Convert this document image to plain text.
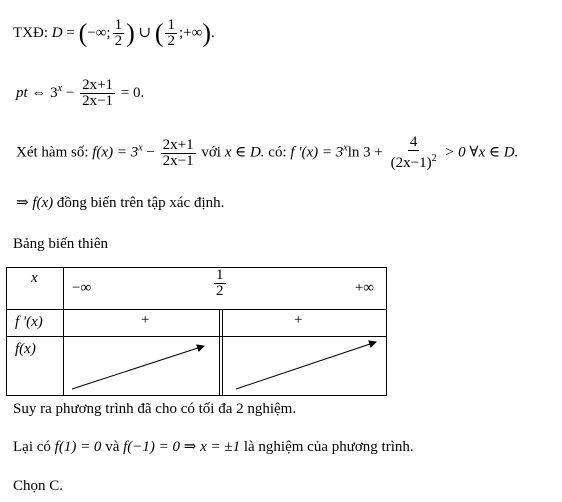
TXĐ: D = (−∞; $\frac{1}{2}$ ) ∪ ( $\frac{1}{2}$ ;+∞).
pt ⇔ $3^x - \frac{2x+1}{2x-1} = 0$.
Xét hàm số: $f(x) = 3^x - \frac{2x+1}{2x-1}$ với x ∈ D. có: f '$(x) = 3^x\ln$ $3 + \frac{4}{(2x-1)^2} > 0$ ∀x ∈ D.
⇒ f(x) đồng biến trên tập xác định.
Bảng biến thiên
x	−∞ $\frac{1}{2}$ +∞

f '(x)	+ +

f(x)

Suy ra phương trình đã cho có tối đa 2 nghiệm.
Lại có f(1) = 0 và f(−1) = 0 ⇒ x = ±1 là nghiệm của phương trình.
Chọn C.
